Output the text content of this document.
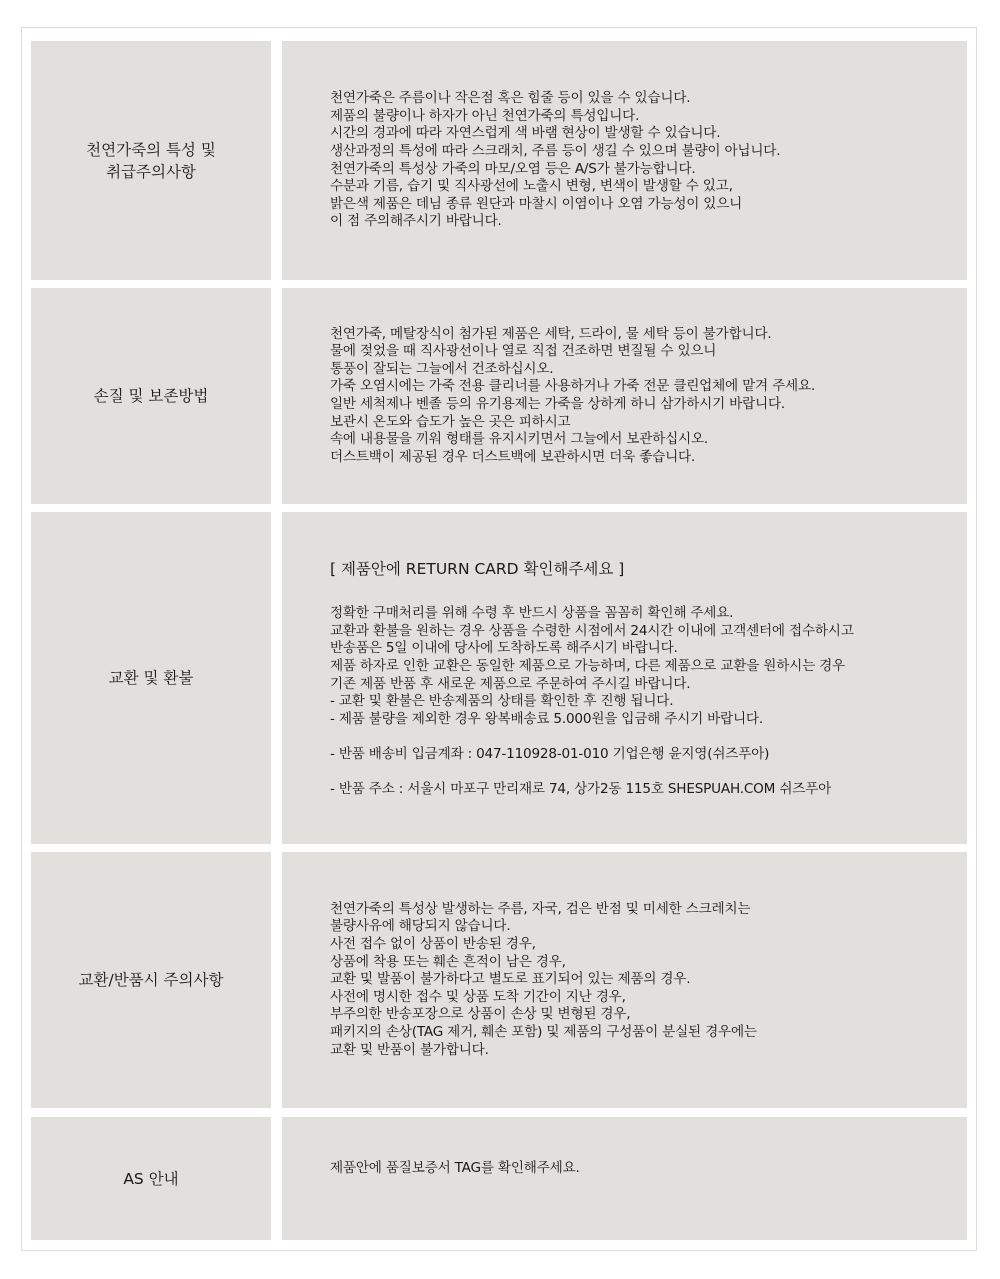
천연가죽의 특성 및
취급주의사항
천연가죽은 주름이나 작은점 혹은 힘줄 등이 있을 수 있습니다.
제품의 불량이나 하자가 아닌 천연가죽의 특성입니다.
시간의 경과에 따라 자연스럽게 색 바램 현상이 발생할 수 있습니다.
생산과정의 특성에 따라 스크래치, 주름 등이 생길 수 있으며 불량이 아닙니다.
천연가죽의 특성상 가죽의 마모/오염 등은 A/S가 불가능합니다.
수분과 기름, 습기 및 직사광선에 노출시 변형, 변색이 발생할 수 있고,
밝은색 제품은 데님 종류 원단과 마찰시 이염이나 오염 가능성이 있으니
이 점 주의해주시기 바랍니다.
손질 및 보존방법
천연가죽, 메탈장식이 첨가된 제품은 세탁, 드라이, 물 세탁 등이 불가합니다.
물에 젖었을 때 직사광선이나 열로 직접 건조하면 변질될 수 있으니
통풍이 잘되는 그늘에서 건조하십시오.
가죽 오염시에는 가죽 전용 클리너를 사용하거나 가죽 전문 클린업체에 맡겨 주세요.
일반 세척제나 벤졸 등의 유기용제는 가죽을 상하게 하니 삼가하시기 바랍니다.
보관시 온도와 습도가 높은 곳은 피하시고
속에 내용물을 끼워 형태를 유지시키면서 그늘에서 보관하십시오.
더스트백이 제공된 경우 더스트백에 보관하시면 더욱 좋습니다.
교환 및 환불
[ 제품안에 RETURN CARD 확인해주세요 ]
정확한 구매처리를 위해 수령 후 반드시 상품을 꼼꼼히 확인해 주세요.
교환과 환불을 원하는 경우 상품을 수령한 시점에서 24시간 이내에 고객센터에 접수하시고
반송품은 5일 이내에 당사에 도착하도록 해주시기 바랍니다.
제품 하자로 인한 교환은 동일한 제품으로 가능하며, 다른 제품으로 교환을 원하시는 경우
기존 제품 반품 후 새로운 제품으로 주문하여 주시길 바랍니다.
- 교환 및 환불은 반송제품의 상태를 확인한 후 진행 됩니다.
- 제품 불량을 제외한 경우 왕복배송료 5.000원을 입금해 주시기 바랍니다.
- 반품 배송비 입금계좌 : 047-110928-01-010 기업은행 윤지영(쉬즈푸아)
- 반품 주소 : 서울시 마포구 만리재로 74, 상가2동 115호 SHESPUAH.COM 쉬즈푸아
교환/반품시 주의사항
천연가죽의 특성상 발생하는 주름, 자국, 검은 반점 및 미세한 스크레치는
불량사유에 해당되지 않습니다.
사전 접수 없이 상품이 반송된 경우,
상품에 착용 또는 훼손 흔적이 남은 경우,
교환 및 발품이 불가하다고 별도로 표기되어 있는 제품의 경우.
사전에 명시한 접수 및 상품 도착 기간이 지난 경우,
부주의한 반송포장으로 상품이 손상 및 변형된 경우,
패키지의 손상(TAG 제거, 훼손 포함) 및 제품의 구성품이 분실된 경우에는
교환 및 반품이 불가합니다.
AS 안내
제품안에 품질보증서 TAG를 확인해주세요.
